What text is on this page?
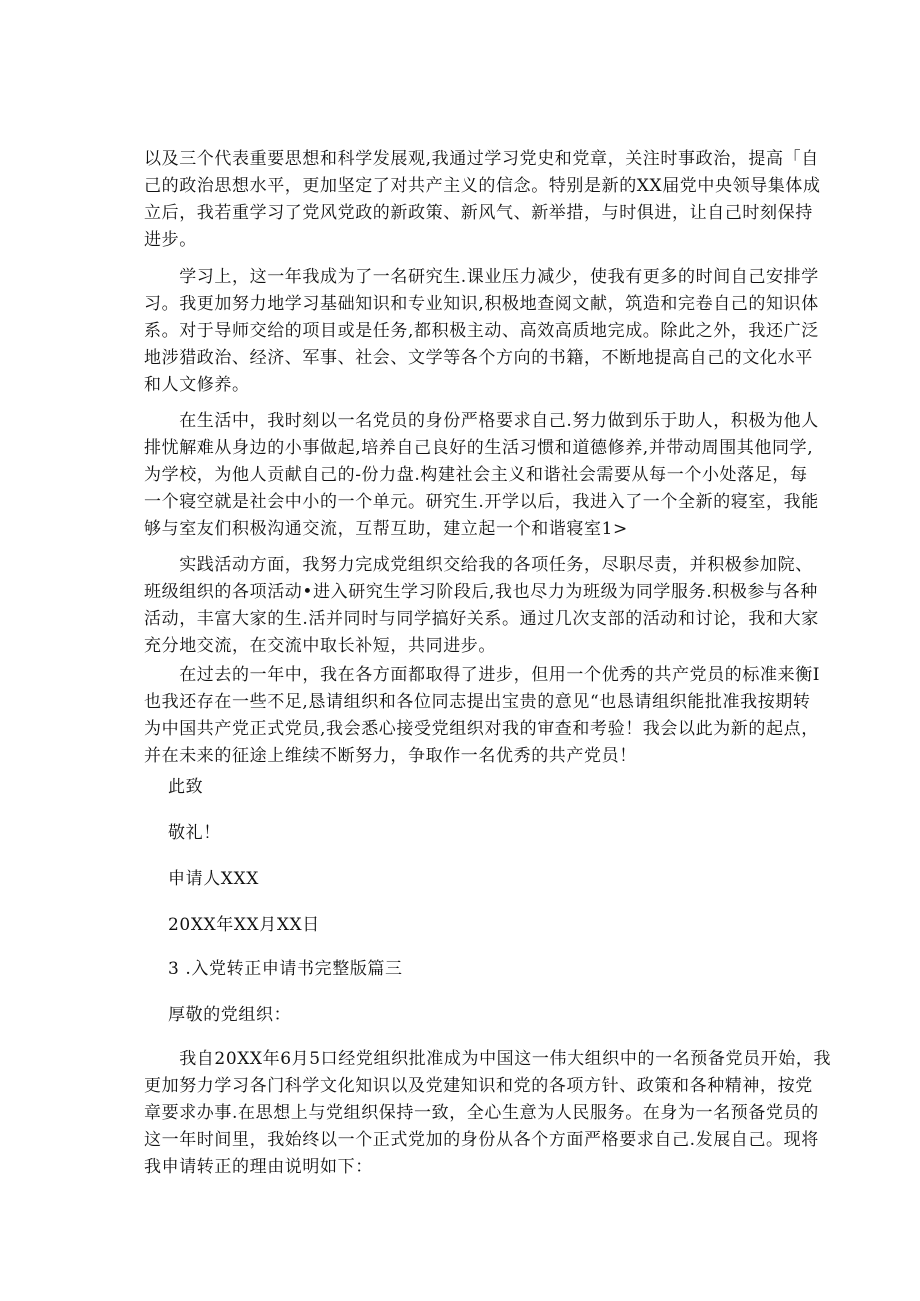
以及三个代表重要思想和科学发展观,我通过学习党史和党章，关注时事政治，提高「自
己的政治思想水平，更加坚定了对共产主义的信念。特别是新的XX届党中央领导集体成
立后，我若重学习了党风党政的新政策、新风气、新举措，与时俱进，让自己时刻保持
进步。
　　学习上，这一年我成为了一名研究生.课业压力减少，使我有更多的时间自己安排学
习。我更加努力地学习基础知识和专业知识,积极地查阅文献，筑造和完卷自己的知识体
系。对于导师交给的项目或是任务,都积极主动、高效高质地完成。除此之外，我还广泛
地涉猎政治、经济、军事、社会、文学等各个方向的书籍，不断地提高自己的文化水平
和人文修养。
　　在生活中，我时刻以一名党员的身份严格要求自己.努力做到乐于助人，积极为他人
排忧解难从身边的小事做起,培养自己良好的生活习惯和道德修养,并带动周围其他同学,
为学校，为他人贡献自己的-份力盘.构建社会主义和谐社会需要从每一个小处落足，每
一个寝空就是社会中小的一个单元。研究生.开学以后，我进入了一个全新的寝室，我能
够与室友们积极沟通交流，互帮互助，建立起一个和谐寝室1>
　　实践活动方面，我努力完成党组织交给我的各项任务，尽职尽责，并积极参加院、
班级组织的各项活动•进入研究生学习阶段后,我也尽力为班级为同学服务.积极参与各种
活动，丰富大家的生.活并同时与同学搞好关系。通过几次支部的活动和讨论，我和大家
充分地交流，在交流中取长补短，共同进步。
　　在过去的一年中，我在各方面都取得了进步，但用一个优秀的共产党员的标准来衡I
也我还存在一些不足,恳请组织和各位同志提出宝贵的意见“也恳请组织能批准我按期转
为中国共产党正式党员,我会悉心接受党组织对我的审查和考验！我会以此为新的起点，
并在未来的征途上维续不断努力，争取作一名优秀的共产党员！

此致

敬礼！

申请人XXX

20XX年XX月XX日

3 .入党转正申请书完整版篇三

厚敬的党组织：

　　我自20XX年6月5口经党组织批准成为中国这一伟大组织中的一名预备党员开始，我
更加努力学习各门科学文化知识以及党建知识和党的各项方针、政策和各种精神，按党
章要求办事.在思想上与党组织保持一致，全心生意为人民服务。在身为一名预备党员的
这一年时间里，我始终以一个正式党加的身份从各个方面严格要求自己.发展自己。现将
我申请转正的理由说明如下：
